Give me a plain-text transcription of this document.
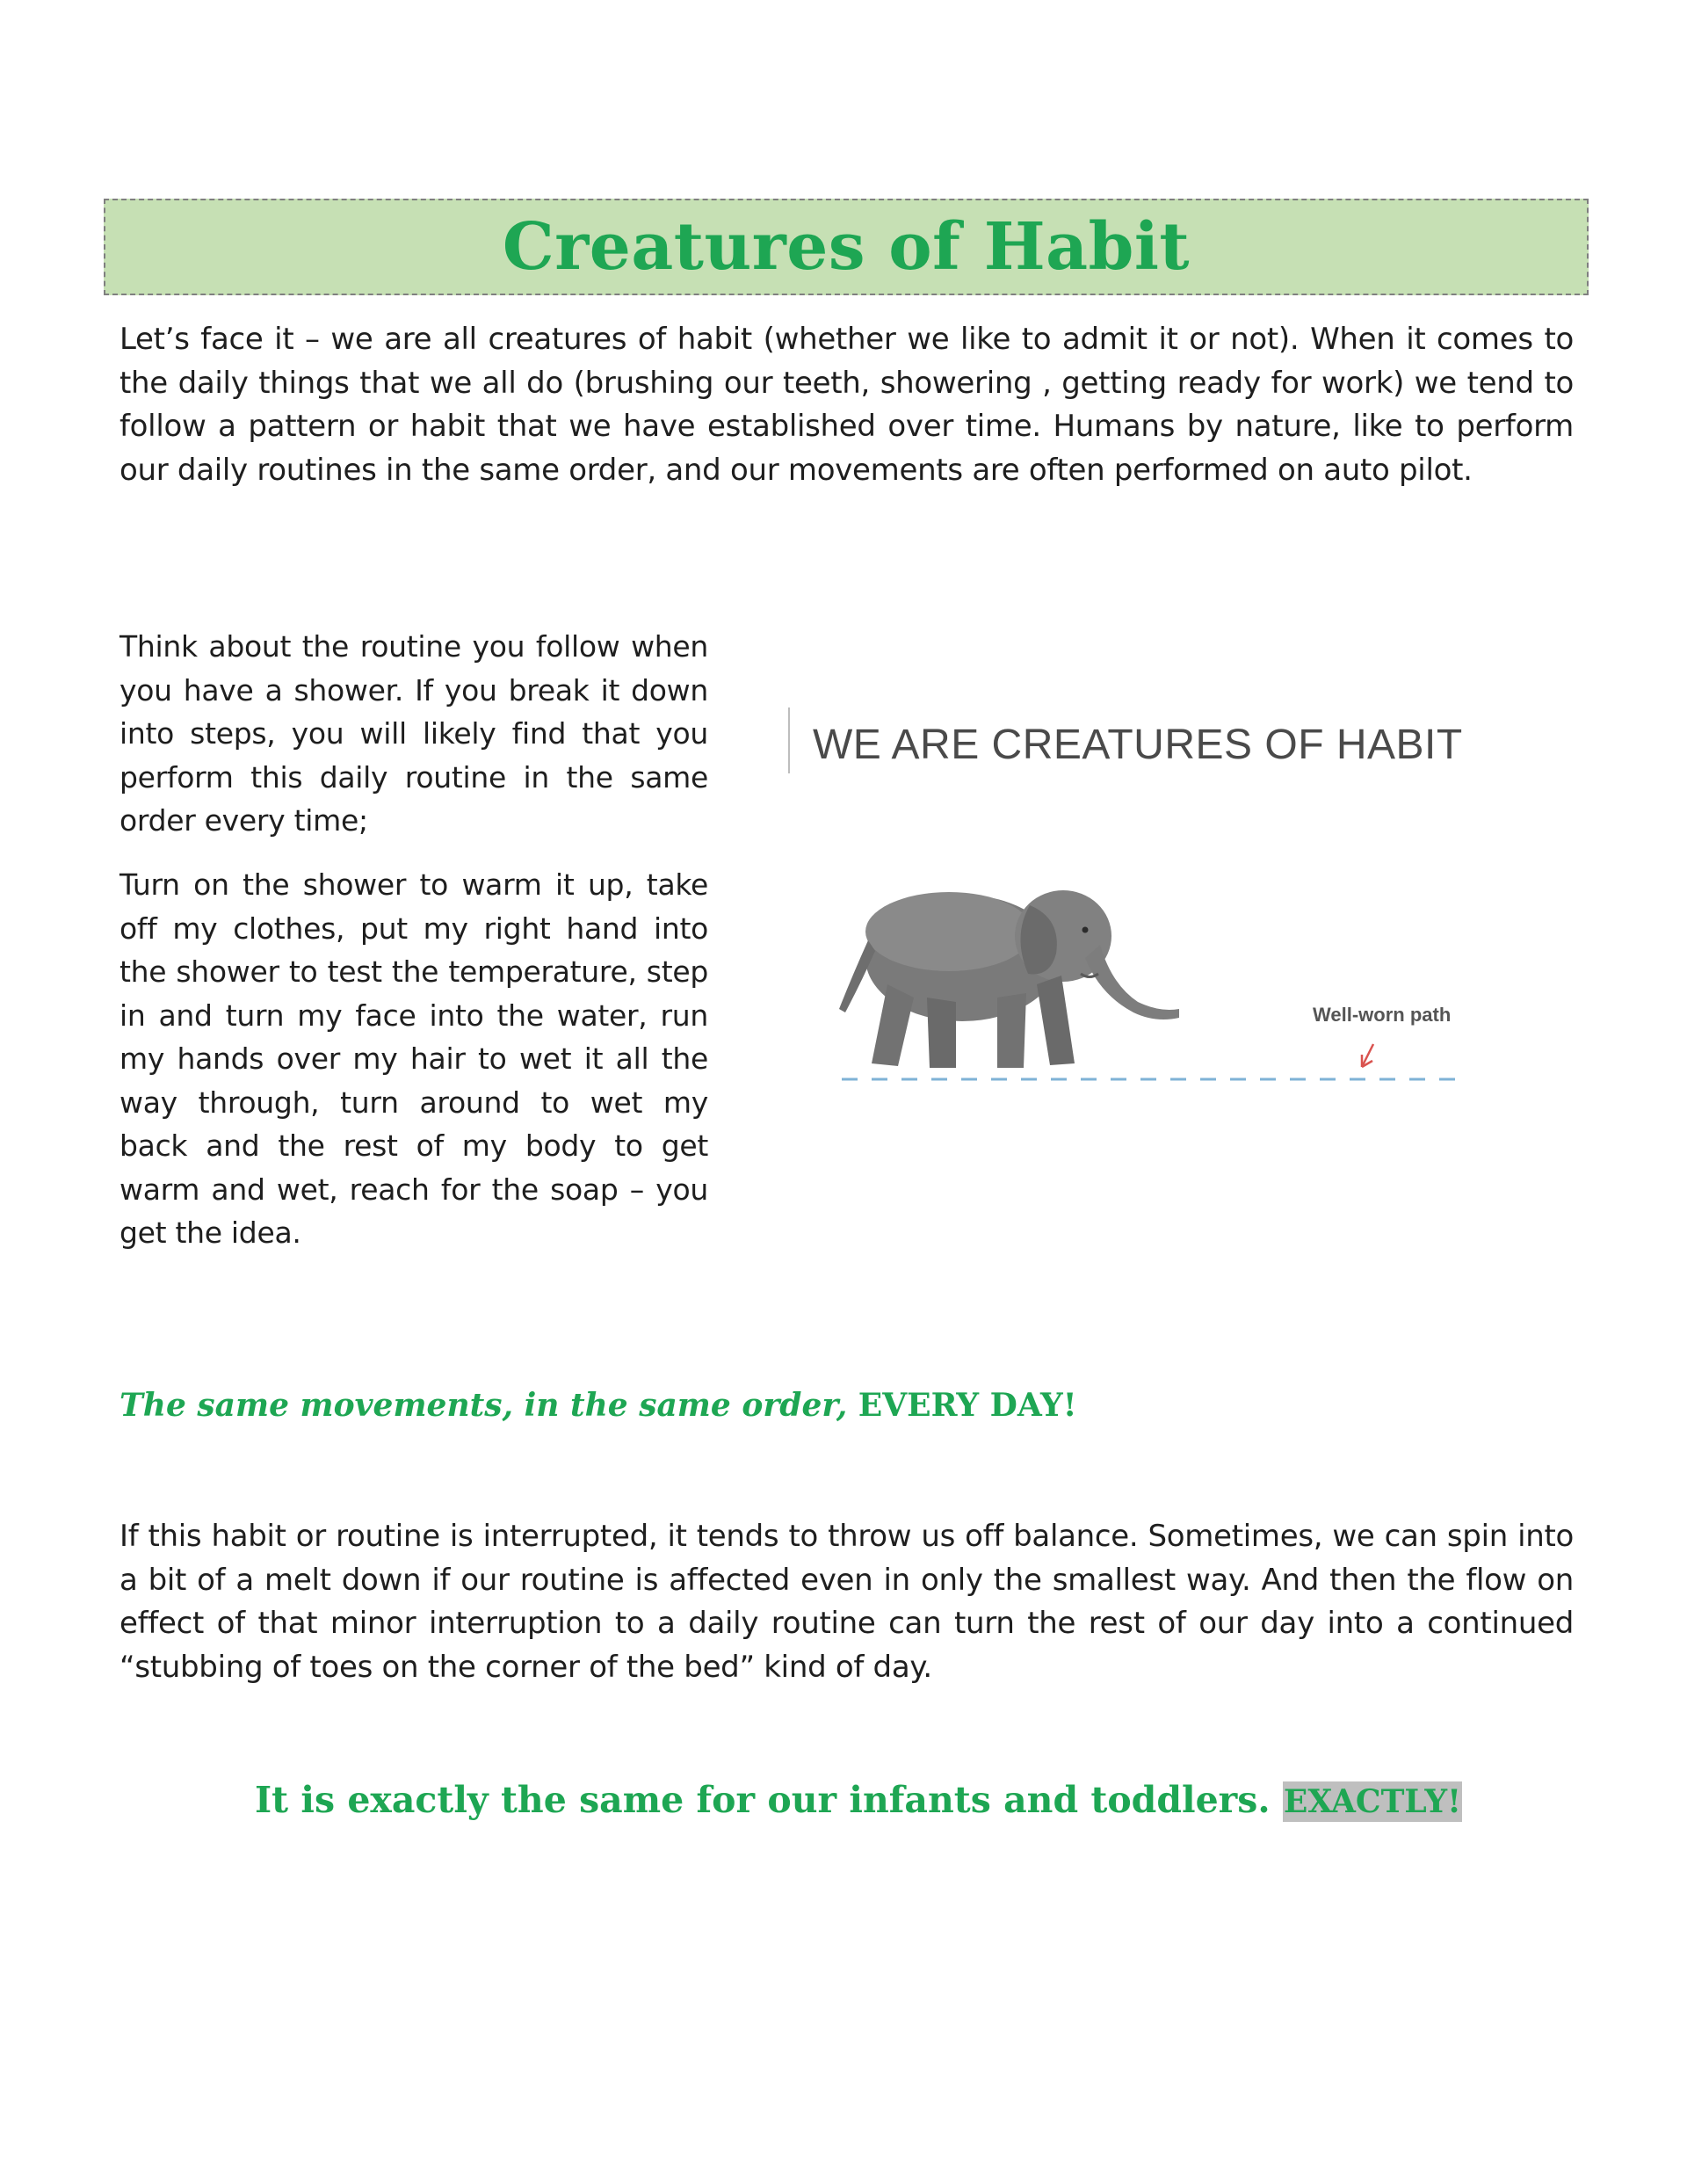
Creatures of Habit

Let’s face it – we are all creatures of habit (whether we like to admit it or not). When it comes to the daily things that we all do (brushing our teeth, showering , getting ready for work) we tend to follow a pattern or habit that we have established over time. Humans by nature, like to perform our daily routines in the same order, and our movements are often performed on auto pilot.

Think about the routine you follow when you have a shower. If you break it down into steps, you will likely find that you perform this daily routine in the same order every time;

Turn on the shower to warm it up, take off my clothes, put my right hand into the shower to test the temperature, step in and turn my face into the water, run my hands over my hair to wet it all the way through, turn around to wet my back and the rest of my body to get warm and wet, reach for the soap – you get the idea.

WE ARE CREATURES OF HABIT

Well-worn path

The same movements, in the same order, EVERY DAY!

If this habit or routine is interrupted, it tends to throw us off balance. Sometimes, we can spin into a bit of a melt down if our routine is affected even in only the smallest way. And then the flow on effect of that minor interruption to a daily routine can turn the rest of our day into a continued “stubbing of toes on the corner of the bed” kind of day.

It is exactly the same for our infants and toddlers. EXACTLY!
